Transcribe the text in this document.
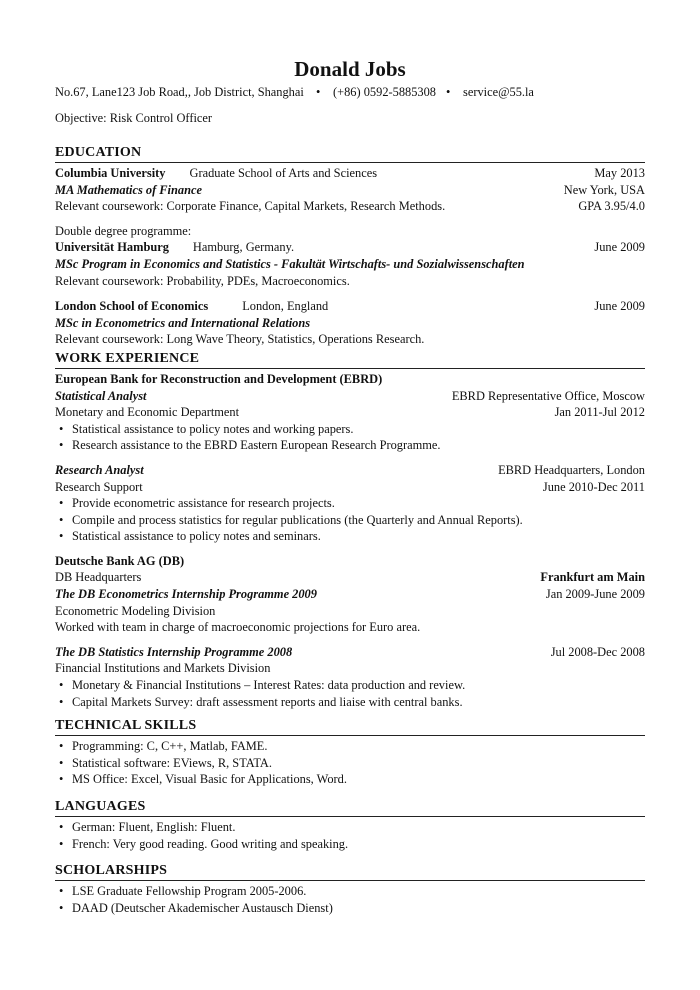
Donald Jobs
No.67, Lane123 Job Road,, Job District, Shanghai • (+86) 0592-5885308 • service@55.la
Objective: Risk Control Officer
EDUCATION
Columbia University Graduate School of Arts and Sciences	May 2013
MA Mathematics of Finance	New York, USA
Relevant coursework: Corporate Finance, Capital Markets, Research Methods.	GPA 3.95/4.0
Double degree programme:
Universität Hamburg Hamburg, Germany.	June 2009
MSc Program in Economics and Statistics - Fakultät Wirtschafts- und Sozialwissenschaften
Relevant coursework: Probability, PDEs, Macroeconomics.
London School of Economics	London, England	June 2009
MSc in Econometrics and International Relations
Relevant coursework: Long Wave Theory, Statistics, Operations Research.
WORK EXPERIENCE
European Bank for Reconstruction and Development (EBRD)
Statistical Analyst	EBRD Representative Office, Moscow
Monetary and Economic Department	Jan 2011-Jul 2012
• Statistical assistance to policy notes and working papers.
• Research assistance to the EBRD Eastern European Research Programme.
Research Analyst	EBRD Headquarters, London
Research Support	June 2010-Dec 2011
• Provide econometric assistance for research projects.
• Compile and process statistics for regular publications (the Quarterly and Annual Reports).
• Statistical assistance to policy notes and seminars.
Deutsche Bank AG (DB)
DB Headquarters	Frankfurt am Main
The DB Econometrics Internship Programme 2009	Jan 2009-June 2009
Econometric Modeling Division
Worked with team in charge of macroeconomic projections for Euro area.
The DB Statistics Internship Programme 2008	Jul 2008-Dec 2008
Financial Institutions and Markets Division
• Monetary & Financial Institutions – Interest Rates: data production and review.
• Capital Markets Survey: draft assessment reports and liaise with central banks.
TECHNICAL SKILLS
• Programming: C, C++, Matlab, FAME.
• Statistical software: EViews, R, STATA.
• MS Office: Excel, Visual Basic for Applications, Word.
LANGUAGES
• German: Fluent, English: Fluent.
• French: Very good reading. Good writing and speaking.
SCHOLARSHIPS
• LSE Graduate Fellowship Program 2005-2006.
• DAAD (Deutscher Akademischer Austausch Dienst)
